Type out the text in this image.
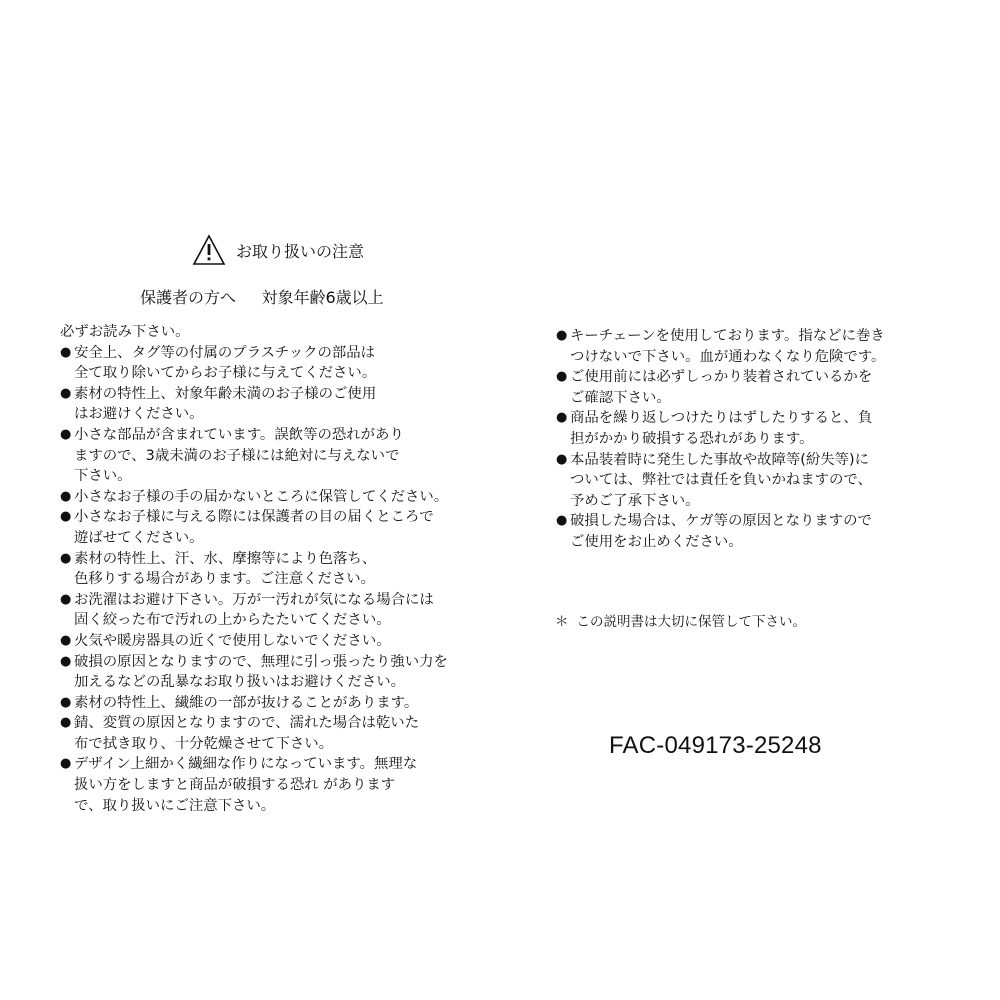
お取り扱いの注意
保護者の方へ 対象年齢6歳以上
必ずお読み下さい。
● 安全上、タグ等の付属のプラスチックの部品は
全て取り除いてからお子様に与えてください。
● 素材の特性上、対象年齢未満のお子様のご使用
はお避けください。
● 小さな部品が含まれています。誤飲等の恐れがあり
ますので、3歳未満のお子様には絶対に与えないで
下さい。
● 小さなお子様の手の届かないところに保管してください。
● 小さなお子様に与える際には保護者の目の届くところで
遊ばせてください。
● 素材の特性上、汗、水、摩擦等により色落ち、
色移りする場合があります。ご注意ください。
● お洗濯はお避け下さい。万が一汚れが気になる場合には
固く絞った布で汚れの上からたたいてください。
● 火気や暖房器具の近くで使用しないでください。
● 破損の原因となりますので、無理に引っ張ったり強い力を
加えるなどの乱暴なお取り扱いはお避けください。
● 素材の特性上、繊維の一部が抜けることがあります。
● 錆、変質の原因となりますので、濡れた場合は乾いた
布で拭き取り、十分乾燥させて下さい。
● デザイン上細かく繊細な作りになっています。無理な
扱い方をしますと商品が破損する恐れ があります
で、取り扱いにご注意下さい。
● キーチェーンを使用しております。指などに巻き
つけないで下さい。血が通わなくなり危険です。
● ご使用前には必ずしっかり装着されているかを
ご確認下さい。
● 商品を繰り返しつけたりはずしたりすると、負
担がかかり破損する恐れがあります。
● 本品装着時に発生した事故や故障等(紛失等)に
ついては、弊社では責任を負いかねますので、
予めご了承下さい。
● 破損した場合は、ケガ等の原因となりますので
ご使用をお止めください。
＊ この説明書は大切に保管して下さい。
FAC-049173-25248
